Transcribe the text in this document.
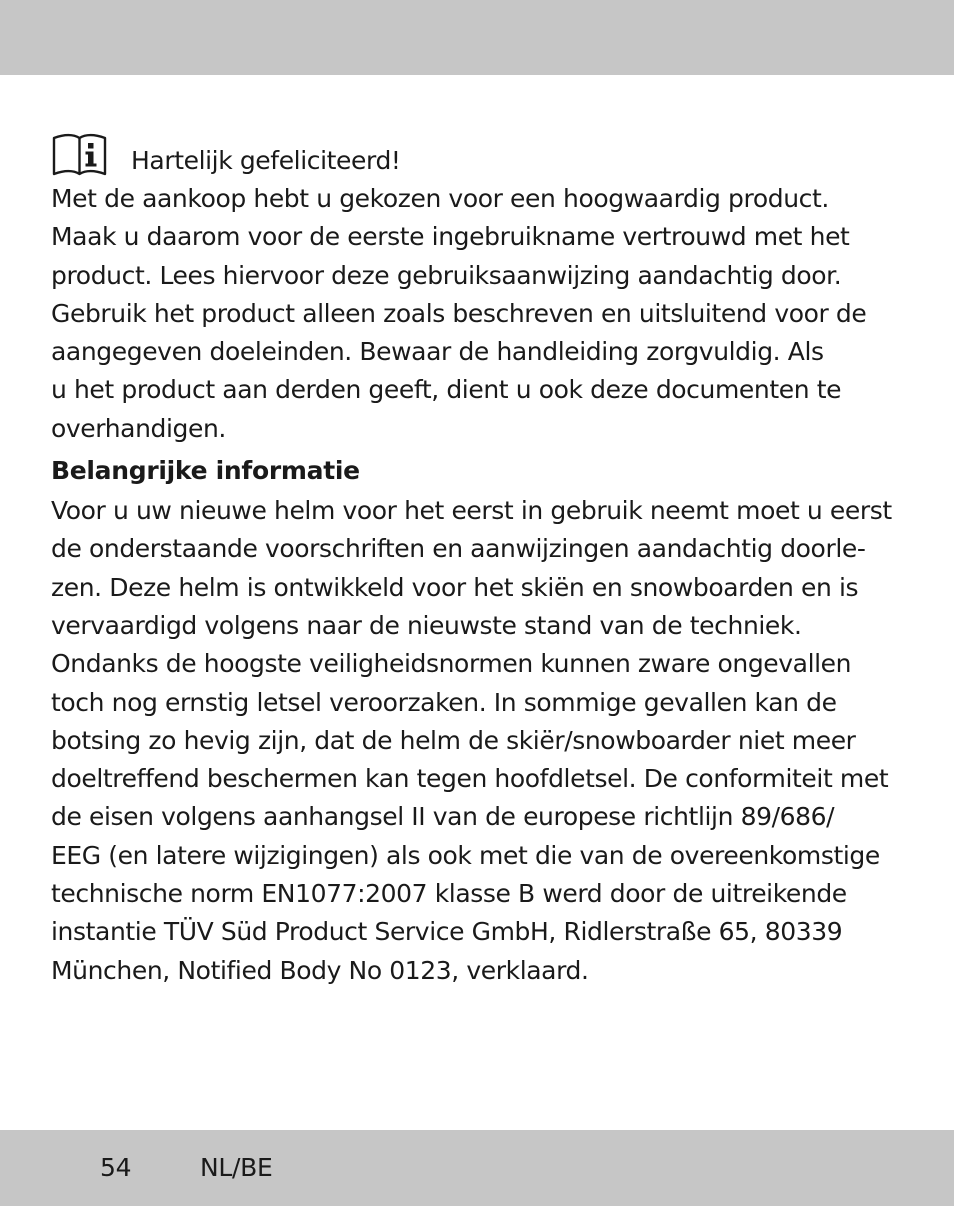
Hartelijk gefeliciteerd!
Met de aankoop hebt u gekozen voor een hoogwaardig product.
Maak u daarom voor de eerste ingebruikname vertrouwd met het
product. Lees hiervoor deze gebruiksaanwijzing aandachtig door.
Gebruik het product alleen zoals beschreven en uitsluitend voor de
aangegeven doeleinden. Bewaar de handleiding zorgvuldig. Als
u het product aan derden geeft, dient u ook deze documenten te
overhandigen.
Belangrijke informatie
Voor u uw nieuwe helm voor het eerst in gebruik neemt moet u eerst
de onderstaande voorschriften en aanwijzingen aandachtig doorle-
zen. Deze helm is ontwikkeld voor het skiën en snowboarden en is
vervaardigd volgens naar de nieuwste stand van de techniek.
Ondanks de hoogste veiligheidsnormen kunnen zware ongevallen
toch nog ernstig letsel veroorzaken. In sommige gevallen kan de
botsing zo hevig zijn, dat de helm de skiër/snowboarder niet meer
doeltreffend beschermen kan tegen hoofdletsel. De conformiteit met
de eisen volgens aanhangsel II van de europese richtlijn 89/686/
EEG (en latere wijzigingen) als ook met die van de overeenkomstige
technische norm EN1077:2007 klasse B werd door de uitreikende
instantie TÜV Süd Product Service GmbH, Ridlerstraße 65, 80339
München, Notified Body No 0123, verklaard.
54	NL/BE
